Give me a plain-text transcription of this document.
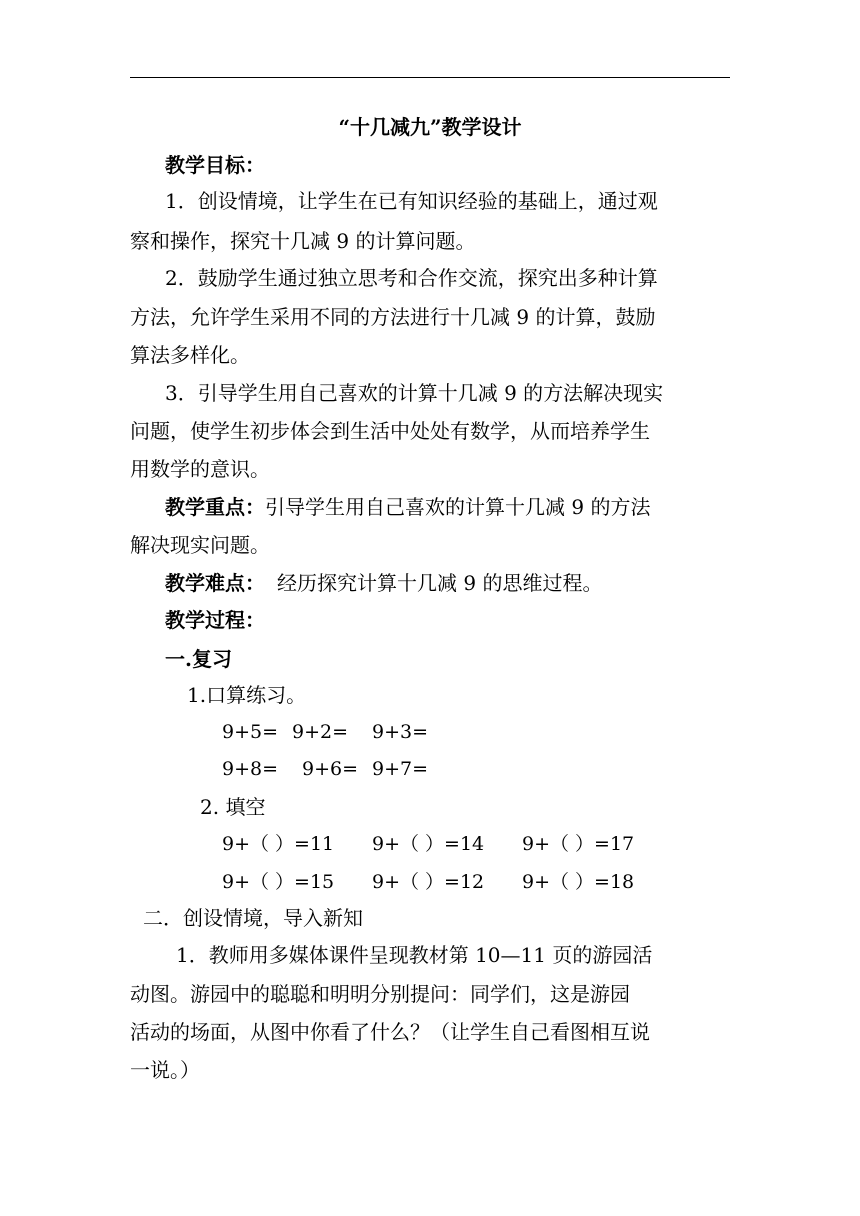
“十几减九”教学设计
教学目标：
1．创设情境，让学生在已有知识经验的基础上，通过观
察和操作，探究十几减 9 的计算问题。
2．鼓励学生通过独立思考和合作交流，探究出多种计算
方法，允许学生采用不同的方法进行十几减 9 的计算，鼓励
算法多样化。
3．引导学生用自己喜欢的计算十几减 9 的方法解决现实
问题，使学生初步体会到生活中处处有数学，从而培养学生
用数学的意识。
教学重点：引导学生用自己喜欢的计算十几减 9 的方法
解决现实问题。
教学难点： 经历探究计算十几减 9 的思维过程。
教学过程：
一.复习
1.口算练习。
9+5= 9+2= 9+3=
9+8= 9+6= 9+7=
2. 填空
9+（ ）=11 9+（ ）=14 9+（ ）=17
9+（ ）=15 9+（ ）=12 9+（ ）=18
二．创设情境，导入新知
1．教师用多媒体课件呈现教材第 10—11 页的游园活
动图。游园中的聪聪和明明分别提问：同学们，这是游园
活动的场面，从图中你看了什么？（让学生自己看图相互说
一说。）
